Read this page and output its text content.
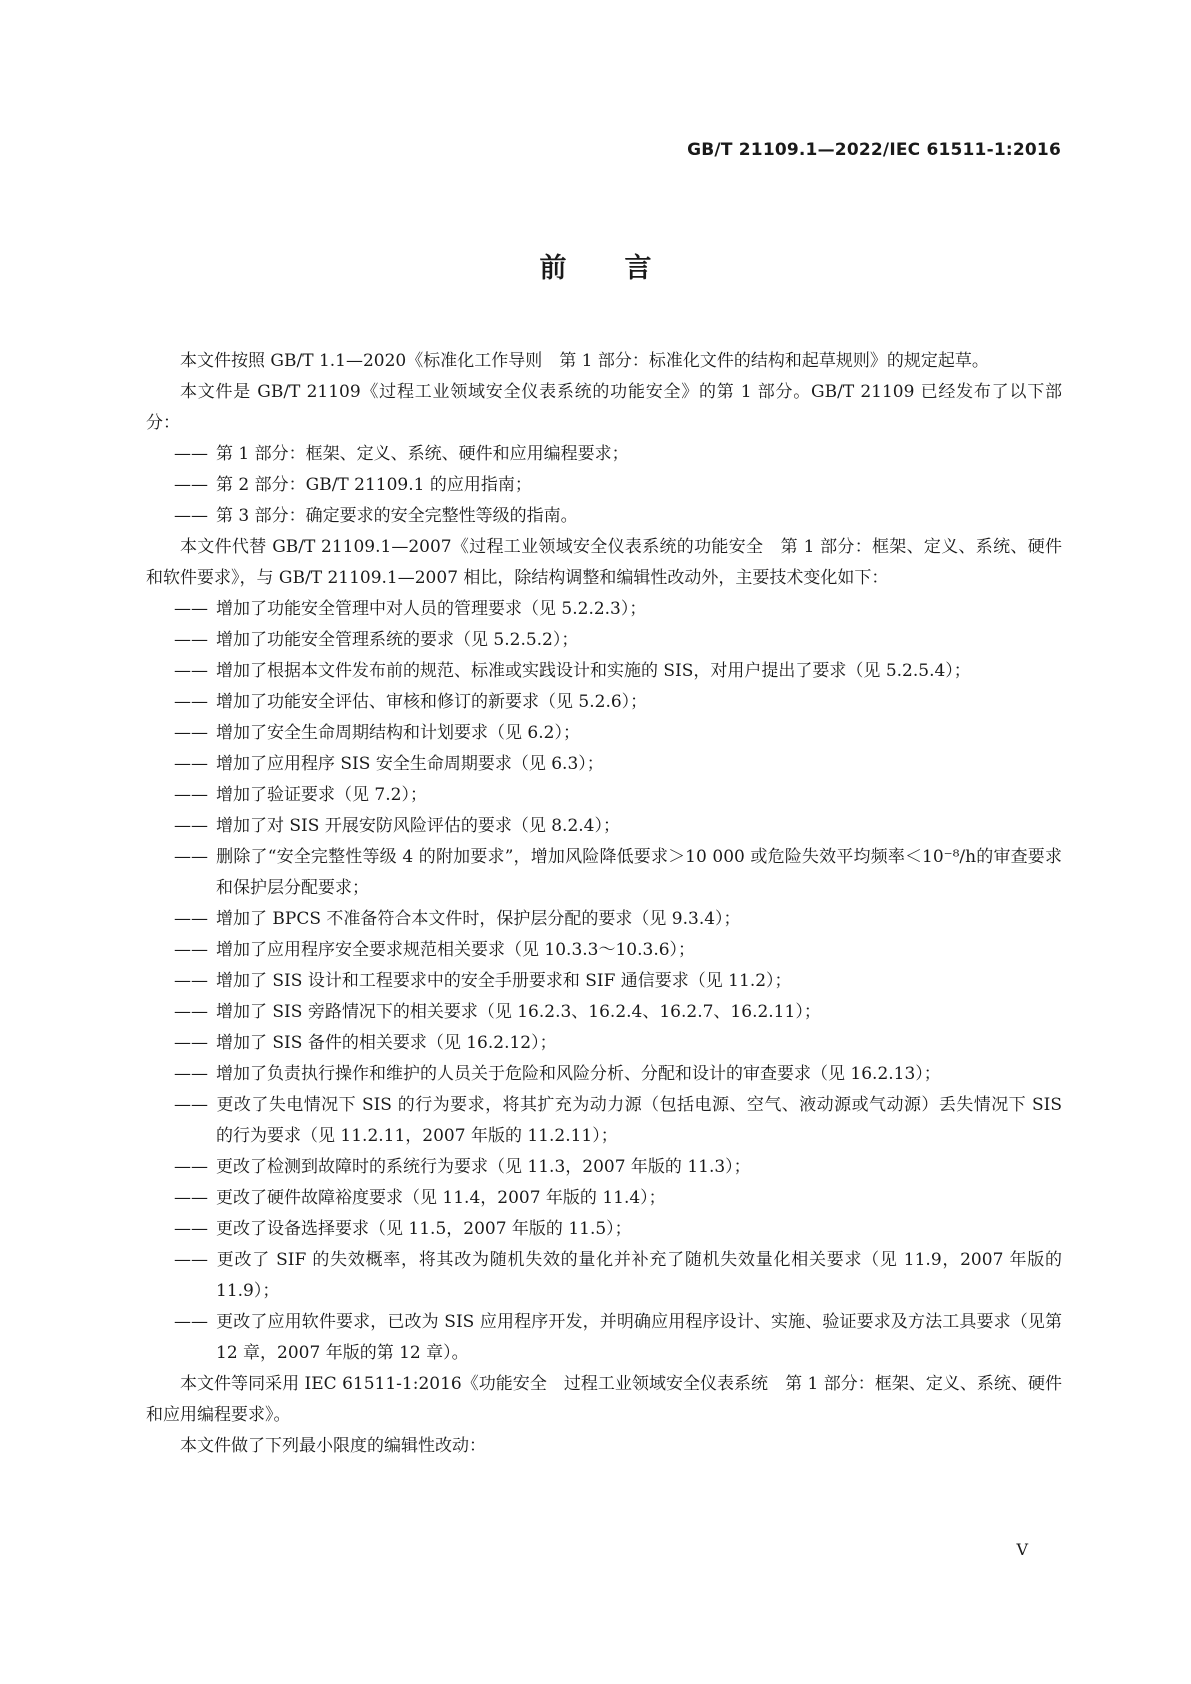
GB/T 21109.1—2022/IEC 61511-1:2016
前言

本文件按照 GB/T 1.1—2020《标准化工作导则　第 1 部分：标准化文件的结构和起草规则》的规定起草。

本文件是 GB/T 21109《过程工业领域安全仪表系统的功能安全》的第 1 部分。GB/T 21109 已经发布了以下部分：

—— 第 1 部分：框架、定义、系统、硬件和应用编程要求；

—— 第 2 部分：GB/T 21109.1 的应用指南；

—— 第 3 部分：确定要求的安全完整性等级的指南。

本文件代替 GB/T 21109.1—2007《过程工业领域安全仪表系统的功能安全　第 1 部分：框架、定义、系统、硬件和软件要求》，与 GB/T 21109.1—2007 相比，除结构调整和编辑性改动外，主要技术变化如下：

—— 增加了功能安全管理中对人员的管理要求（见 5.2.2.3）；

—— 增加了功能安全管理系统的要求（见 5.2.5.2）；

—— 增加了根据本文件发布前的规范、标准或实践设计和实施的 SIS，对用户提出了要求（见 5.2.5.4）；

—— 增加了功能安全评估、审核和修订的新要求（见 5.2.6）；

—— 增加了安全生命周期结构和计划要求（见 6.2）；

—— 增加了应用程序 SIS 安全生命周期要求（见 6.3）；

—— 增加了验证要求（见 7.2）；

—— 增加了对 SIS 开展安防风险评估的要求（见 8.2.4）；

—— 删除了“安全完整性等级 4 的附加要求”，增加风险降低要求＞10 000 或危险失效平均频率＜10⁻⁸/h的审查要求和保护层分配要求；

—— 增加了 BPCS 不准备符合本文件时，保护层分配的要求（见 9.3.4）；

—— 增加了应用程序安全要求规范相关要求（见 10.3.3～10.3.6）；

—— 增加了 SIS 设计和工程要求中的安全手册要求和 SIF 通信要求（见 11.2）；

—— 增加了 SIS 旁路情况下的相关要求（见 16.2.3、16.2.4、16.2.7、16.2.11）；

—— 增加了 SIS 备件的相关要求（见 16.2.12）；

—— 增加了负责执行操作和维护的人员关于危险和风险分析、分配和设计的审查要求（见 16.2.13）；

—— 更改了失电情况下 SIS 的行为要求，将其扩充为动力源（包括电源、空气、液动源或气动源）丢失情况下 SIS 的行为要求（见 11.2.11，2007 年版的 11.2.11）；

—— 更改了检测到故障时的系统行为要求（见 11.3，2007 年版的 11.3）；

—— 更改了硬件故障裕度要求（见 11.4，2007 年版的 11.4）；

—— 更改了设备选择要求（见 11.5，2007 年版的 11.5）；

—— 更改了 SIF 的失效概率，将其改为随机失效的量化并补充了随机失效量化相关要求（见 11.9，2007 年版的 11.9）；

—— 更改了应用软件要求，已改为 SIS 应用程序开发，并明确应用程序设计、实施、验证要求及方法工具要求（见第 12 章，2007 年版的第 12 章）。

本文件等同采用 IEC 61511-1:2016《功能安全　过程工业领域安全仪表系统　第 1 部分：框架、定义、系统、硬件和应用编程要求》。

本文件做了下列最小限度的编辑性改动：

V
